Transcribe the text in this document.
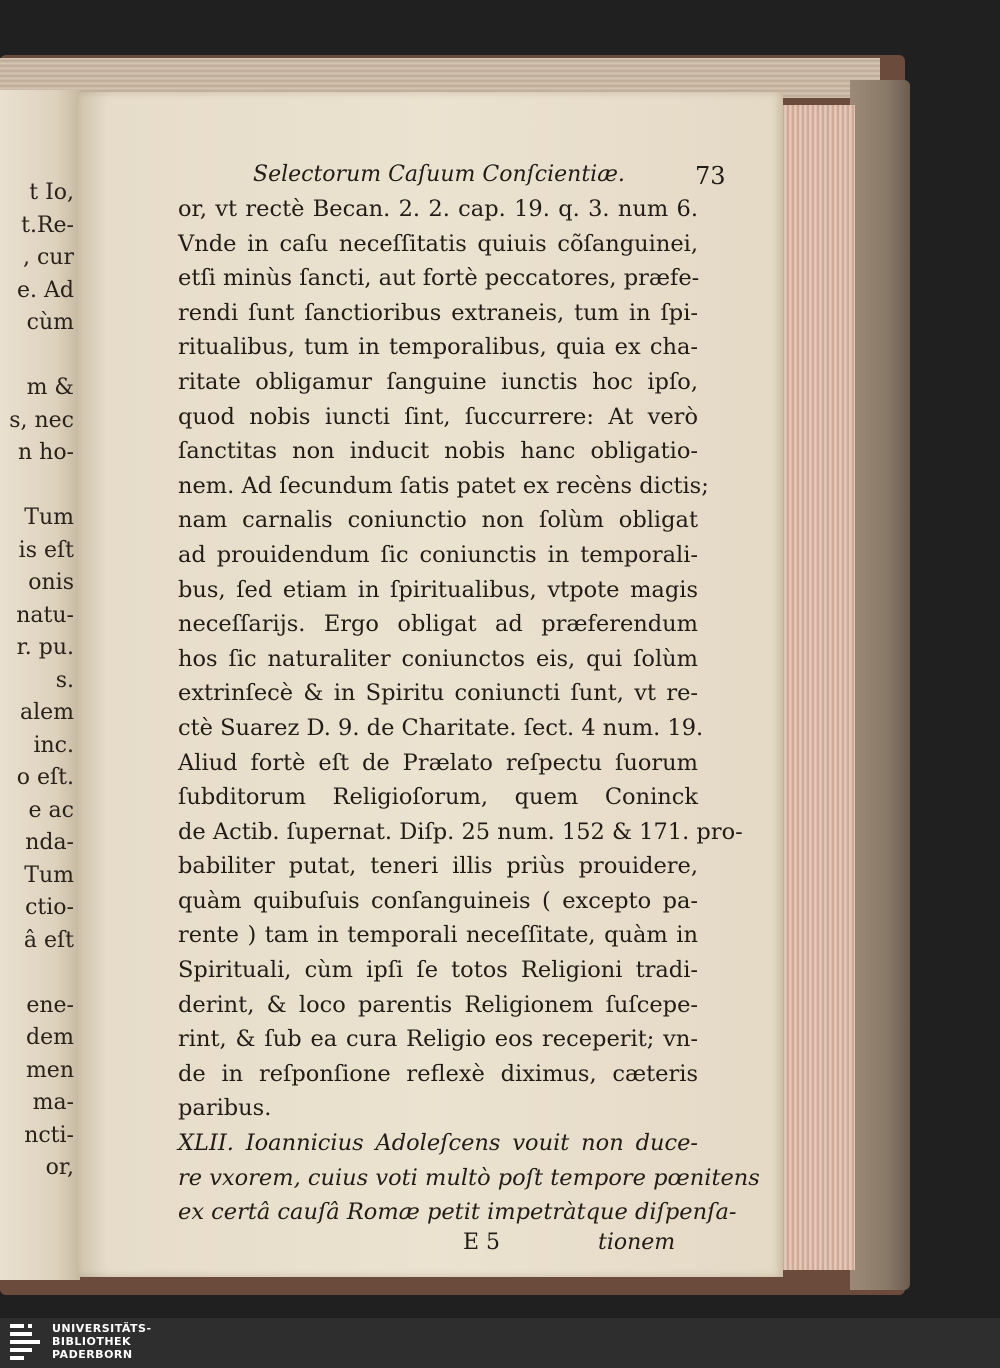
t Io,
t.Re-
, cur
e. Ad
cùm
m &
s, nec
n ho-
Tum
is eſt
onis
natu-
r. pu.
s.
alem
inc.
o eſt.
e ac
nda-
Tum
ctio-
â eſt
ene-
dem
men
ma-
ncti-
or,
Selectorum Caſuum Conſcientiæ.	73
or, vt rectè Becan. 2. 2. cap. 19. q. 3. num 6.
Vnde in caſu neceſſitatis quiuis cõſanguinei,
etſi minùs ſancti, aut fortè peccatores, præfe-
rendi ſunt ſanctioribus extraneis, tum in ſpi-
ritualibus, tum in temporalibus, quia ex cha-
ritate obligamur ſanguine iunctis hoc ipſo,
quod nobis iuncti ſint, ſuccurrere: At verò
ſanctitas non inducit nobis hanc obligatio-
nem. Ad ſecundum ſatis patet ex recèns dictis;
nam carnalis coniunctio non ſolùm obligat
ad prouidendum ſic coniunctis in temporali-
bus, ſed etiam in ſpiritualibus, vtpote magis
neceſſarijs. Ergo obligat ad præferendum
hos ſic naturaliter coniunctos eis, qui ſolùm
extrinſecè & in Spiritu coniuncti ſunt, vt re-
ctè Suarez D. 9. de Charitate. ſect. 4 num. 19.
Aliud fortè eſt de Prælato reſpectu ſuorum
ſubditorum Religioſorum, quem Coninck
de Actib. ſupernat. Diſp. 25 num. 152 & 171. pro-
babiliter putat, teneri illis priùs prouidere,
quàm quibuſuis conſanguineis ( excepto pa-
rente ) tam in temporali neceſſitate, quàm in
Spirituali, cùm ipſi ſe totos Religioni tradi-
derint, & loco parentis Religionem ſuſcepe-
rint, & ſub ea cura Religio eos receperit; vn-
de in reſponſione reflexè diximus, cæteris
paribus.
XLII. Ioannicius Adoleſcens vouit non duce-
re vxorem, cuius voti multò poſt tempore pœnitens
ex certâ cauſâ Romæ petit impetràtque diſpenſa-
E 5	tionem
UNIVERSITÄTS-
BIBLIOTHEK
PADERBORN
